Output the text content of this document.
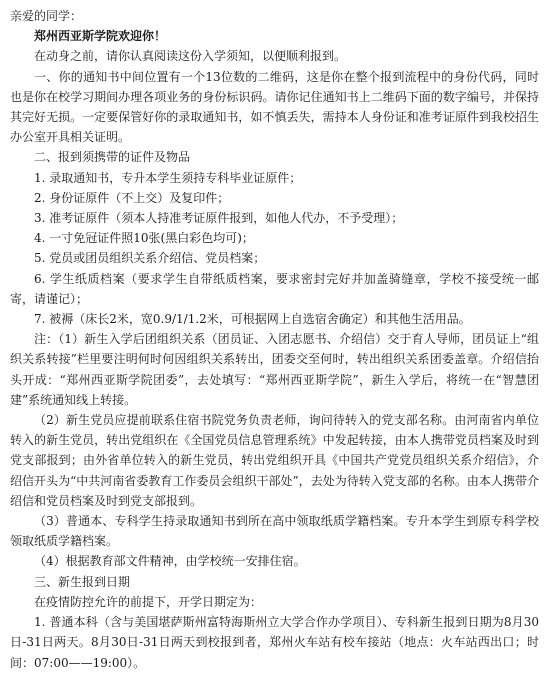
亲爱的同学：

郑州西亚斯学院欢迎你！

在动身之前，请你认真阅读这份入学须知，以便顺利报到。

一、你的通知书中间位置有一个13位数的二维码，这是你在整个报到流程中的身份代码，同时也是你在校学习期间办理各项业务的身份标识码。请你记住通知书上二维码下面的数字编号，并保持其完好无损。一定要保管好你的录取通知书，如不慎丢失，需持本人身份证和准考证原件到我校招生办公室开具相关证明。

二、报到须携带的证件及物品

1. 录取通知书，专升本学生须持专科毕业证原件；

2. 身份证原件（不上交）及复印件；

3. 准考证原件（须本人持准考证原件报到，如他人代办，不予受理）；

4. 一寸免冠证件照10张(黑白彩色均可)；

5. 党员或团员组织关系介绍信、党员档案；

6. 学生纸质档案（要求学生自带纸质档案，要求密封完好并加盖骑缝章，学校不接受统一邮寄，请谨记）；

7. 被褥（床长2米，宽0.9/1/1.2米，可根据网上自选宿舍确定）和其他生活用品。

注：（1）新生入学后团组织关系（团员证、入团志愿书、介绍信）交于育人导师，团员证上“组织关系转接”栏里要注明何时何因组织关系转出，团委交至何时，转出组织关系团委盖章。介绍信抬头开成：“郑州西亚斯学院团委”，去处填写：“郑州西亚斯学院”，新生入学后，将统一在“智慧团建”系统通知线上转接。

（2）新生党员应提前联系住宿书院党务负责老师，询问待转入的党支部名称。由河南省内单位转入的新生党员，转出党组织在《全国党员信息管理系统》中发起转接，由本人携带党员档案及时到党支部报到；由外省单位转入的新生党员，转出党组织开具《中国共产党党员组织关系介绍信》，介绍信开头为“中共河南省委教育工作委员会组织干部处”，去处为待转入党支部的名称。由本人携带介绍信和党员档案及时到党支部报到。

（3）普通本、专科学生持录取通知书到所在高中领取纸质学籍档案。专升本学生到原专科学校领取纸质学籍档案。

（4）根据教育部文件精神，由学校统一安排住宿。

三、新生报到日期

在疫情防控允许的前提下，开学日期定为：

1. 普通本科（含与美国堪萨斯州富特海斯州立大学合作办学项目）、专科新生报到日期为8月30日-31日两天。8月30日-31日两天到校报到者，郑州火车站有校车接站（地点：火车站西出口；时间：07:00——19:00）。
